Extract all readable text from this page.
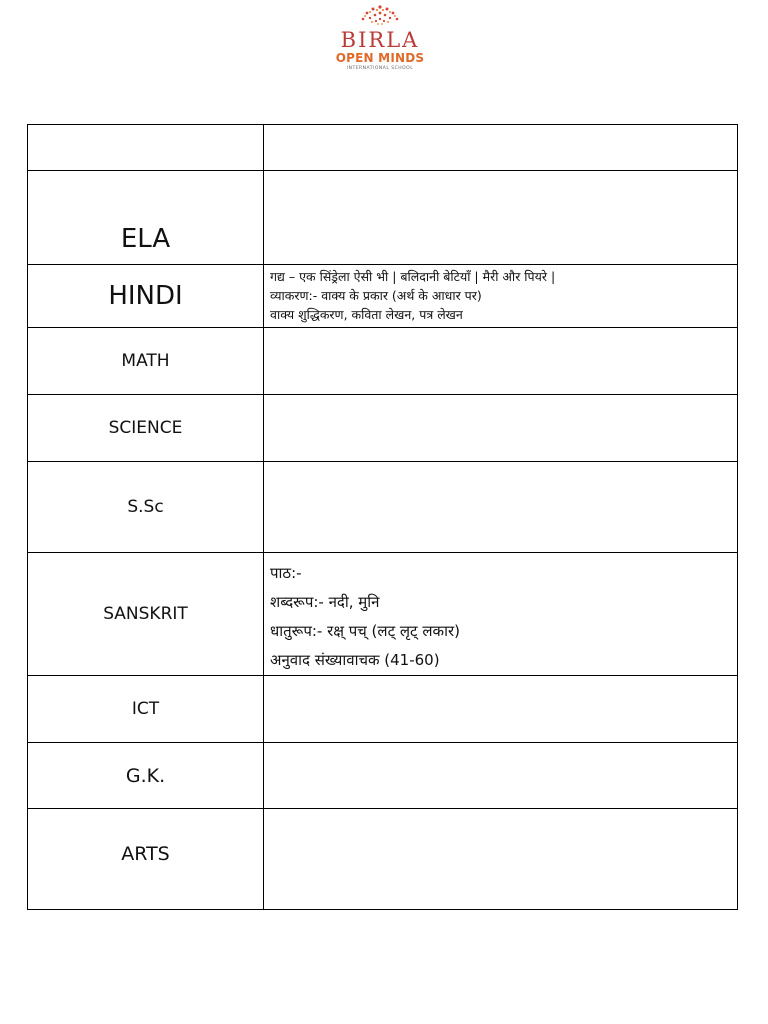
BIRLA
OPEN MINDS
INTERNATIONAL SCHOOL

ELA	
HINDI	गद्य – एक सिंड्रेला ऐसी भी | बलिदानी बेटियाँ | मैरी और पियरे |
व्याकरण:- वाक्य के प्रकार (अर्थ के आधार पर)
वाक्य शुद्धिकरण, कविता लेखन, पत्र लेखन

MATH	
SCIENCE	
S.Sc	
SANSKRIT	पाठ:-
शब्दरूप:- नदी, मुनि
धातुरूप:- रक्ष् पच् (लट् लृट् लकार)
अनुवाद संख्यावाचक (41-60)

ICT	
G.K.	
ARTS	
